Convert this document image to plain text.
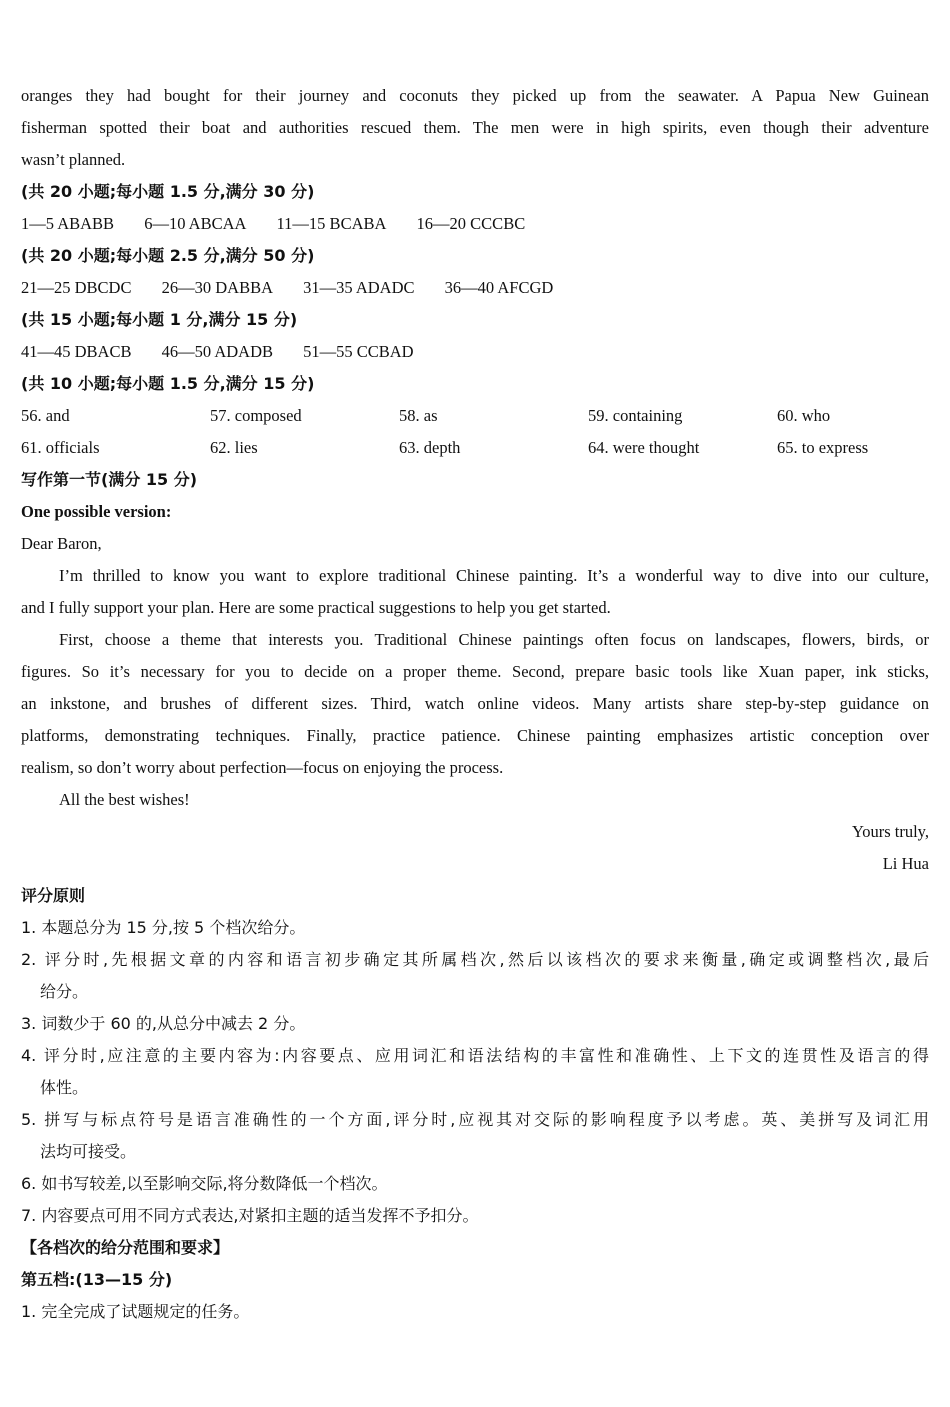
oranges they had bought for their journey and coconuts they picked up from the seawater. A Papua New Guinean
fisherman spotted their boat and authorities rescued them. The men were in high spirits, even though their adventure
wasn’t planned.
(共 20 小题;每小题 1.5 分,满分 30 分)
1—5 ABABB 6—10 ABCAA 11—15 BCABA 16—20 CCCBC
(共 20 小题;每小题 2.5 分,满分 50 分)
21—25 DBCDC 26—30 DABBA 31—35 ADADC 36—40 AFCGD
(共 15 小题;每小题 1 分,满分 15 分)
41—45 DBACB 46—50 ADADB 51—55 CCBAD
(共 10 小题;每小题 1.5 分,满分 15 分)
56. and	57. composed	58. as	59. containing	60. who
61. officials	62. lies	63. depth	64. were thought	65. to express
写作第一节(满分 15 分)
One possible version:
Dear Baron,
I’m thrilled to know you want to explore traditional Chinese painting. It’s a wonderful way to dive into our culture,
and I fully support your plan. Here are some practical suggestions to help you get started.
First, choose a theme that interests you. Traditional Chinese paintings often focus on landscapes, flowers, birds, or
figures. So it’s necessary for you to decide on a proper theme. Second, prepare basic tools like Xuan paper, ink sticks,
an inkstone, and brushes of different sizes. Third, watch online videos. Many artists share step-by-step guidance on
platforms, demonstrating techniques. Finally, practice patience. Chinese painting emphasizes artistic conception over
realism, so don’t worry about perfection—focus on enjoying the process.
All the best wishes!
Yours truly,
Li Hua
评分原则
1. 本题总分为 15 分,按 5 个档次给分。
2. 评分时,先根据文章的内容和语言初步确定其所属档次,然后以该档次的要求来衡量,确定或调整档次,最后
给分。
3. 词数少于 60 的,从总分中减去 2 分。
4. 评分时,应注意的主要内容为:内容要点、应用词汇和语法结构的丰富性和准确性、上下文的连贯性及语言的得
体性。
5. 拼写与标点符号是语言准确性的一个方面,评分时,应视其对交际的影响程度予以考虑。英、美拼写及词汇用
法均可接受。
6. 如书写较差,以至影响交际,将分数降低一个档次。
7. 内容要点可用不同方式表达,对紧扣主题的适当发挥不予扣分。
【各档次的给分范围和要求】
第五档:(13—15 分)
1. 完全完成了试题规定的任务。
